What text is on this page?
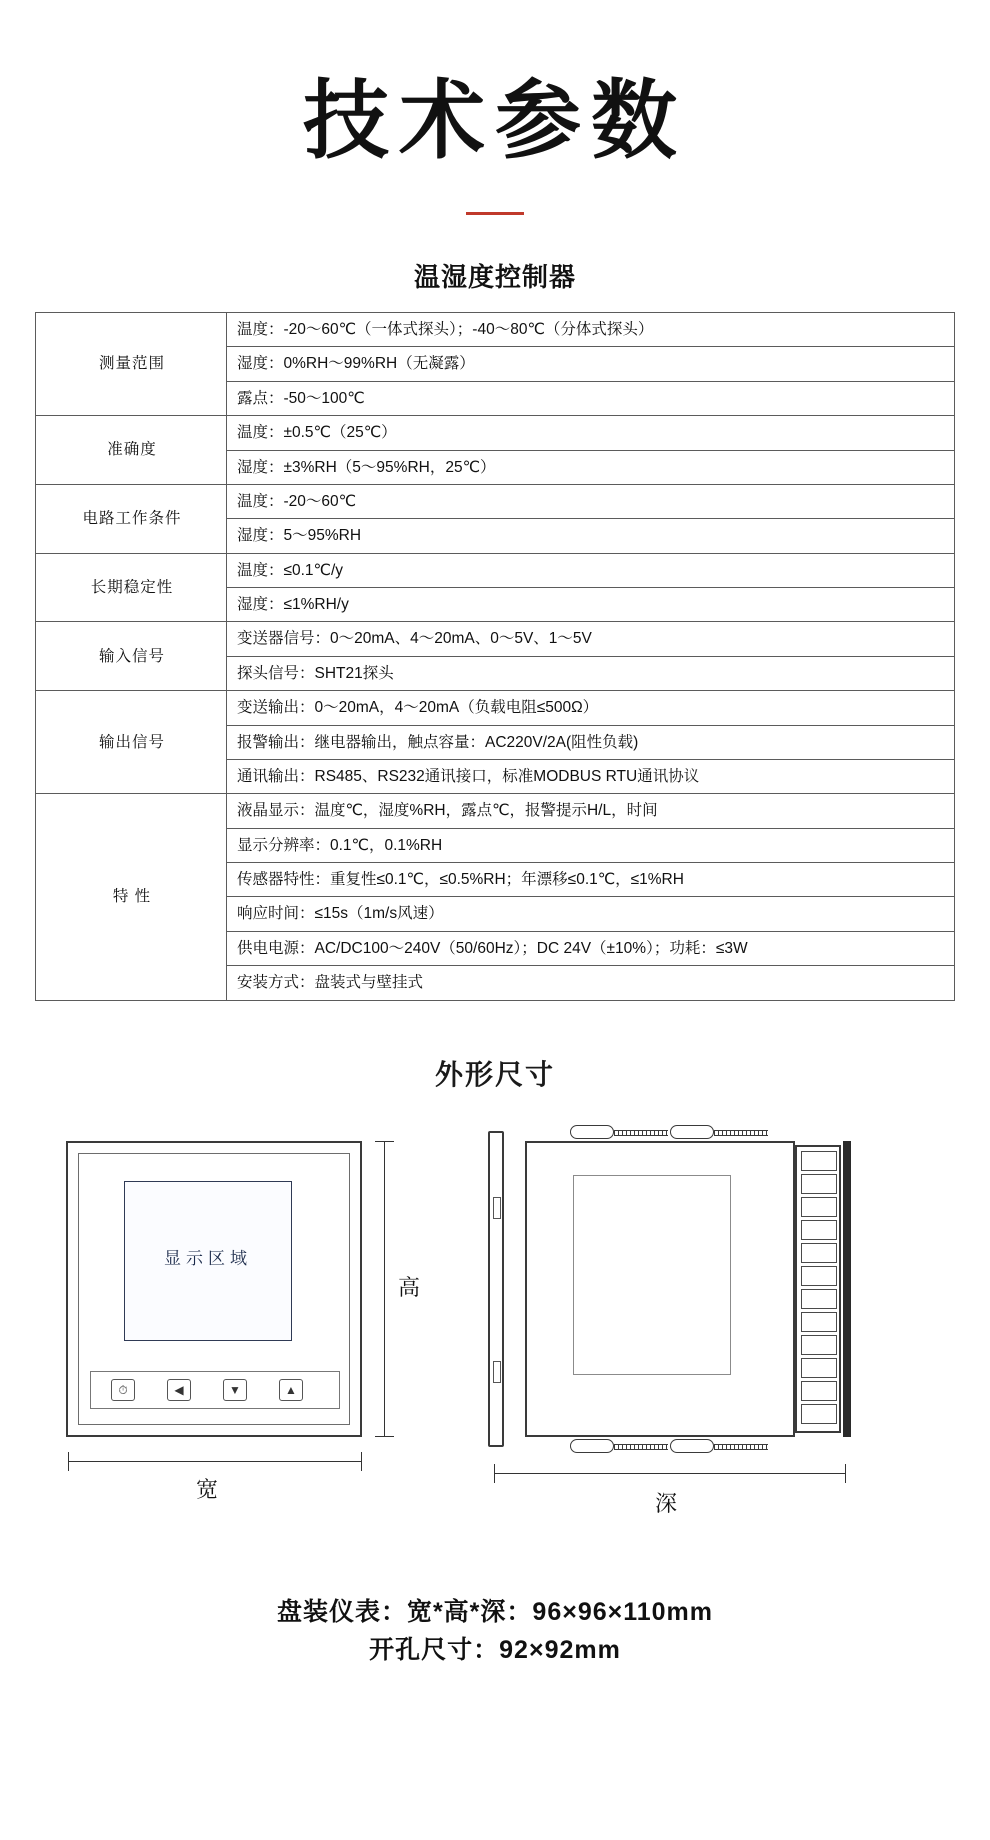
技术参数
温湿度控制器
测量范围	温度：-20～60℃（一体式探头）；-40～80℃（分体式探头）
	湿度：0%RH～99%RH（无凝露）
	露点：-50～100℃
准确度	温度：±0.5℃（25℃）
	湿度：±3%RH（5～95%RH，25℃）
电路工作条件	温度：-20～60℃
	湿度：5～95%RH
长期稳定性	温度：≤0.1℃/y
	湿度：≤1%RH/y
输入信号	变送器信号：0～20mA、4～20mA、0～5V、1～5V
	探头信号：SHT21探头
输出信号	变送输出：0～20mA，4～20mA（负载电阻≤500Ω）
	报警输出：继电器输出，触点容量：AC220V/2A(阻性负载)
	通讯输出：RS485、RS232通讯接口，标准MODBUS RTU通讯协议
特 性	液晶显示：温度℃，湿度%RH，露点℃，报警提示H/L，时间
	显示分辨率：0.1℃，0.1%RH
	传感器特性：重复性≤0.1℃，≤0.5%RH；年漂移≤0.1℃，≤1%RH
	响应时间：≤15s（1m/s风速）
	供电电源：AC/DC100～240V（50/60Hz）；DC 24V（±10%）；功耗：≤3W
	安装方式：盘装式与壁挂式
外形尺寸
显示区域
⏱	◀	▼	▲
高
宽
深
盘装仪表：宽*高*深：96×96×110mm
开孔尺寸：92×92mm
